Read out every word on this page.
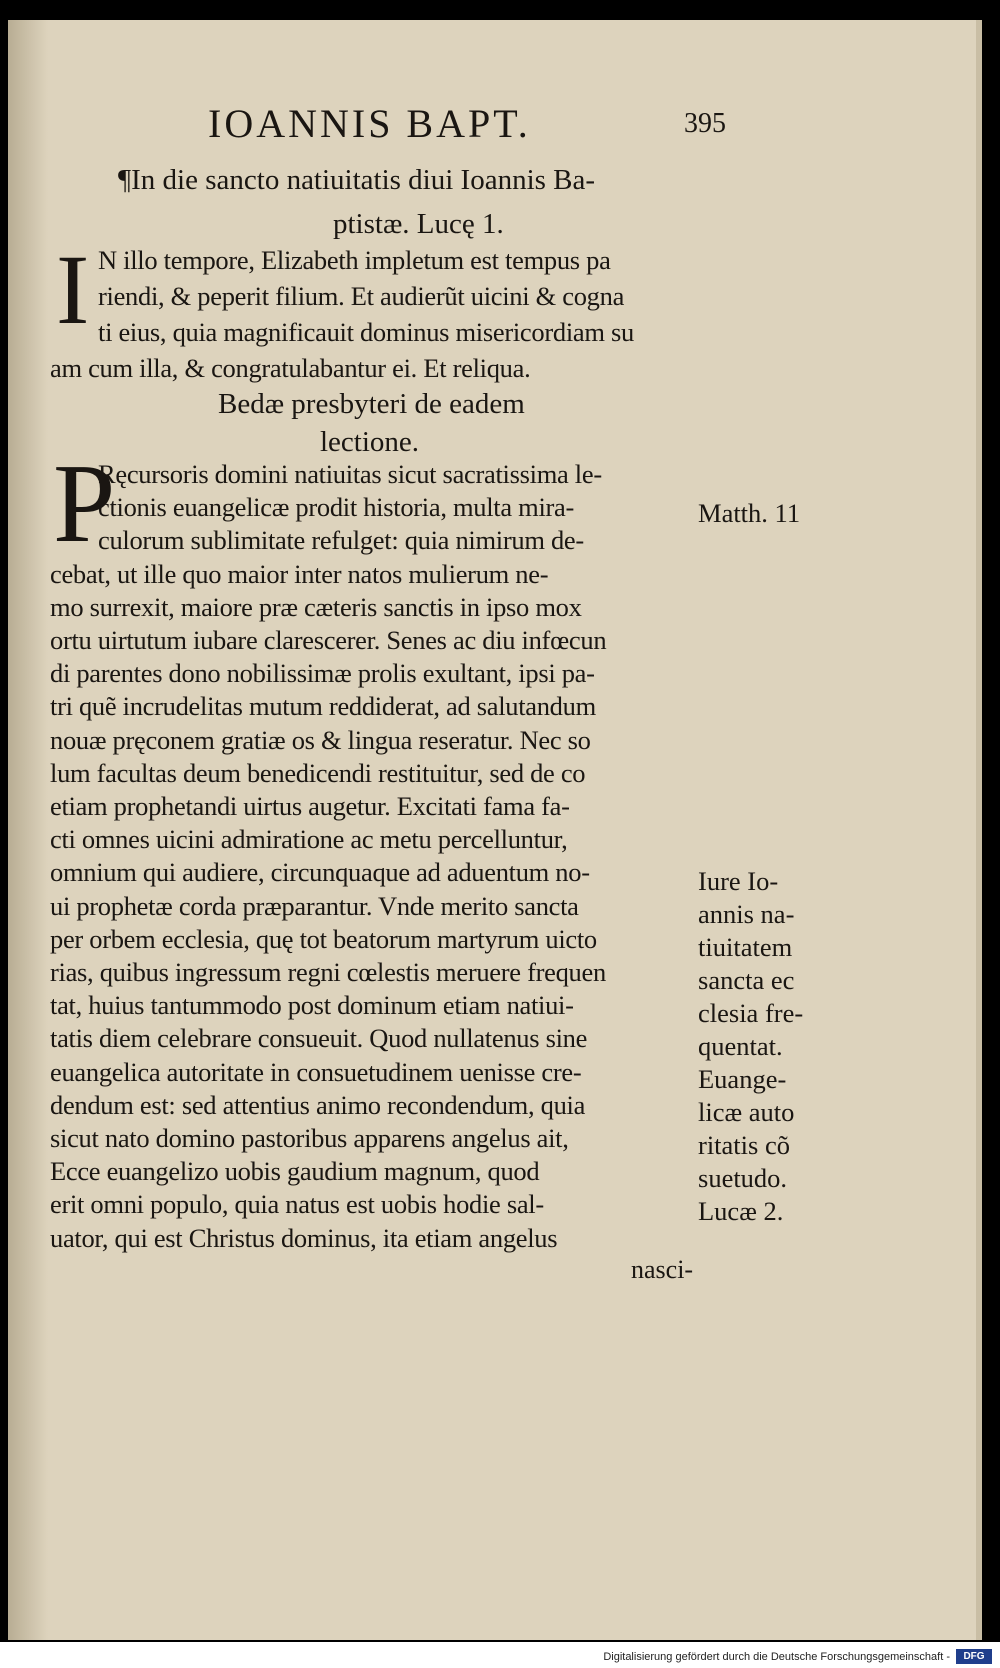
IOANNIS BAPT.	395
¶In die sancto natiuitatis diui Ioannis Ba-
ptistæ. Lucę 1.
I N illo tempore, Elizabeth impletum est tempus pa
riendi, & peperit filium. Et audierũt uicini & cogna
ti eius, quia magnificauit dominus misericordiam su
am cum illa, & congratulabantur ei. Et reliqua.
Bedæ presbyteri de eadem
lectione.
P
Ręcursoris domini natiuitas sicut sacratissima le-
ctionis euangelicæ prodit historia, multa mira-
culorum sublimitate refulget: quia nimirum de-
cebat, ut ille quo maior inter natos mulierum ne-
mo surrexit, maiore præ cæteris sanctis in ipso mox
ortu uirtutum iubare clarescerer. Senes ac diu infœcun
di parentes dono nobilissimæ prolis exultant, ipsi pa-
tri quẽ incrudelitas mutum reddiderat, ad salutandum
nouæ pręconem gratiæ os & lingua reseratur. Nec so
lum facultas deum benedicendi restituitur, sed de co
etiam prophetandi uirtus augetur. Excitati fama fa-
cti omnes uicini admiratione ac metu percelluntur,
omnium qui audiere, circunquaque ad aduentum no-
ui prophetæ corda præparantur. Vnde merito sancta
per orbem ecclesia, quę tot beatorum martyrum uicto
rias, quibus ingressum regni cœlestis meruere frequen
tat, huius tantummodo post dominum etiam natiui-
tatis diem celebrare consueuit. Quod nullatenus sine
euangelica autoritate in consuetudinem uenisse cre-
dendum est: sed attentius animo recondendum, quia
sicut nato domino pastoribus apparens angelus ait,
Ecce euangelizo uobis gaudium magnum, quod
erit omni populo, quia natus est uobis hodie sal-
uator, qui est Christus dominus, ita etiam angelus
Matth. 11
Iure Io-
annis na-
tiuitatem
sancta ec
clesia fre-
quentat.
Euange-
licæ auto
ritatis cõ
suetudo.
Lucæ 2.
nasci-
Digitalisierung gefördert durch die Deutsche Forschungsgemeinschaft -	DFG
